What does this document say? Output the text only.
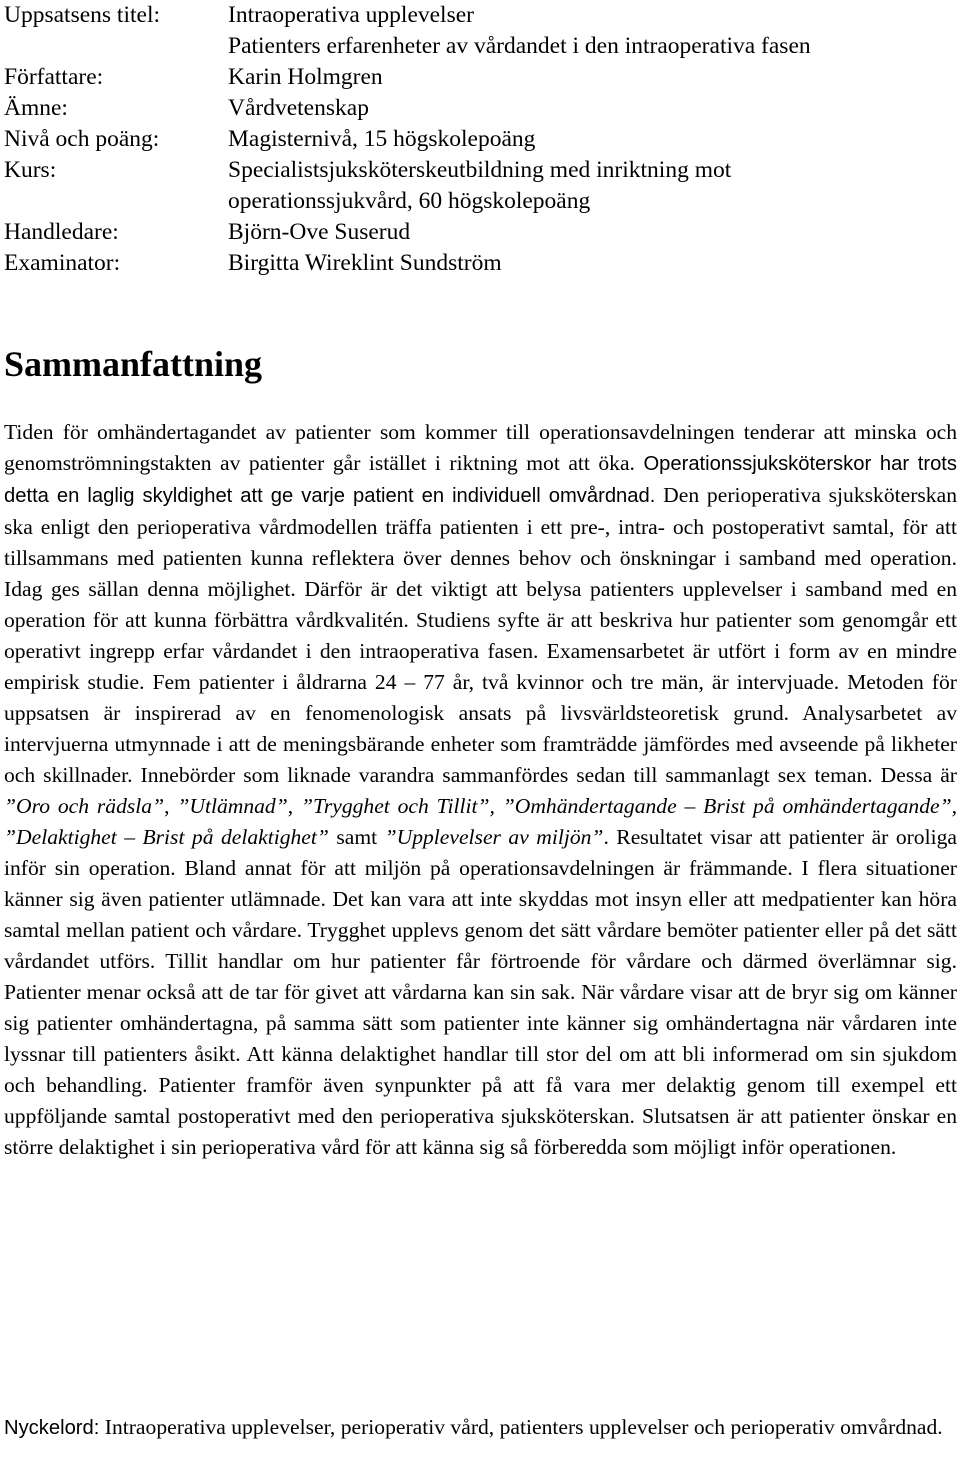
Uppsatsens titel:	Intraoperativa upplevelser
Patienters erfarenheter av vårdandet i den intraoperativa fasen
Författare:	Karin Holmgren
Ämne:	Vårdvetenskap
Nivå och poäng:	Magisternivå, 15 högskolepoäng
Kurs:	Specialistsjuksköterskeutbildning med inriktning mot
operationssjukvård, 60 högskolepoäng
Handledare:	Björn-Ove Suserud
Examinator:	Birgitta Wireklint Sundström
Sammanfattning

Tiden för omhändertagandet av patienter som kommer till operationsavdelningen tenderar att minska och genomströmningstakten av patienter går istället i riktning mot att öka. Operationssjuksköterskor har trots detta en laglig skyldighet att ge varje patient en individuell omvårdnad. Den perioperativa sjuksköterskan ska enligt den perioperativa vårdmodellen träffa patienten i ett pre-, intra- och postoperativt samtal, för att tillsammans med patienten kunna reflektera över dennes behov och önskningar i samband med operation. Idag ges sällan denna möjlighet. Därför är det viktigt att belysa patienters upplevelser i samband med en operation för att kunna förbättra vårdkvalitén. Studiens syfte är att beskriva hur patienter som genomgår ett operativt ingrepp erfar vårdandet i den intraoperativa fasen. Examensarbetet är utfört i form av en mindre empirisk studie. Fem patienter i åldrarna 24 – 77 år, två kvinnor och tre män, är intervjuade. Metoden för uppsatsen är inspirerad av en fenomenologisk ansats på livsvärldsteoretisk grund. Analysarbetet av intervjuerna utmynnade i att de meningsbärande enheter som framträdde jämfördes med avseende på likheter och skillnader. Innebörder som liknade varandra sammanfördes sedan till sammanlagt sex teman. Dessa är ”Oro och rädsla”, ”Utlämnad”, ”Trygghet och Tillit”, ”Omhändertagande – Brist på omhändertagande”, ”Delaktighet – Brist på delaktighet” samt ”Upplevelser av miljön”. Resultatet visar att patienter är oroliga inför sin operation. Bland annat för att miljön på operationsavdelningen är främmande. I flera situationer känner sig även patienter utlämnade. Det kan vara att inte skyddas mot insyn eller att medpatienter kan höra samtal mellan patient och vårdare. Trygghet upplevs genom det sätt vårdare bemöter patienter eller på det sätt vårdandet utförs. Tillit handlar om hur patienter får förtroende för vårdare och därmed överlämnar sig. Patienter menar också att de tar för givet att vårdarna kan sin sak. När vårdare visar att de bryr sig om känner sig patienter omhändertagna, på samma sätt som patienter inte känner sig omhändertagna när vårdaren inte lyssnar till patienters åsikt. Att känna delaktighet handlar till stor del om att bli informerad om sin sjukdom och behandling. Patienter framför även synpunkter på att få vara mer delaktig genom till exempel ett uppföljande samtal postoperativt med den perioperativa sjuksköterskan. Slutsatsen är att patienter önskar en större delaktighet i sin perioperativa vård för att känna sig så förberedda som möjligt inför operationen.

Nyckelord: Intraoperativa upplevelser, perioperativ vård, patienters upplevelser och perioperativ omvårdnad.
